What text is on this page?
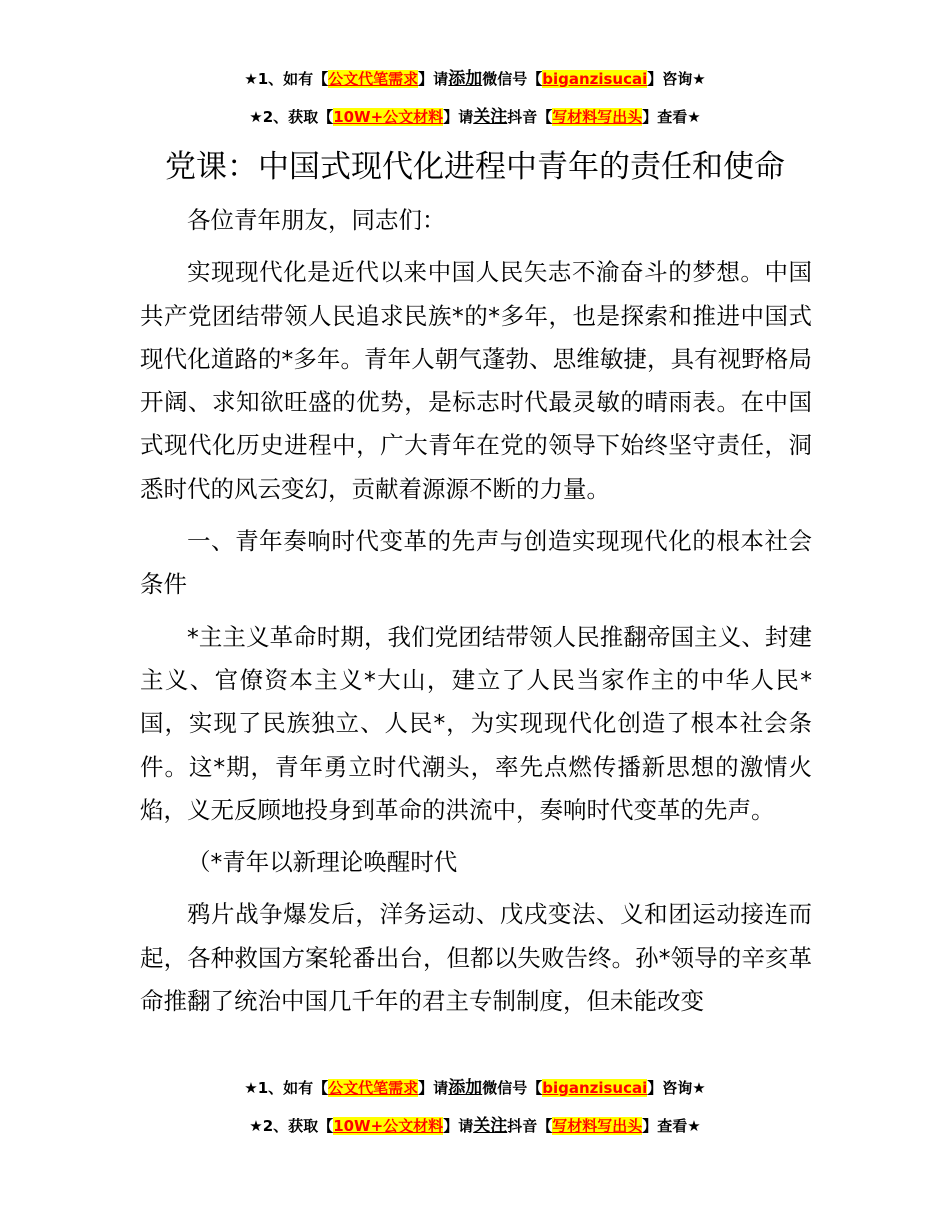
★1、如有【公文代笔需求】请添加微信号【biganzisucai】咨询★
★2、获取【10W+公文材料】请关注抖音【写材料写出头】查看★
党课：中国式现代化进程中青年的责任和使命

各位青年朋友，同志们：

实现现代化是近代以来中国人民矢志不渝奋斗的梦想。中国共产党团结带领人民追求民族*的*多年，也是探索和推进中国式现代化道路的*多年。青年人朝气蓬勃、思维敏捷，具有视野格局开阔、求知欲旺盛的优势，是标志时代最灵敏的晴雨表。在中国式现代化历史进程中，广大青年在党的领导下始终坚守责任，洞悉时代的风云变幻，贡献着源源不断的力量。

一、青年奏响时代变革的先声与创造实现现代化的根本社会条件

*主主义革命时期，我们党团结带领人民推翻帝国主义、封建主义、官僚资本主义*大山，建立了人民当家作主的中华人民*国，实现了民族独立、人民*，为实现现代化创造了根本社会条件。这*期，青年勇立时代潮头，率先点燃传播新思想的激情火焰，义无反顾地投身到革命的洪流中，奏响时代变革的先声。

（*青年以新理论唤醒时代

鸦片战争爆发后，洋务运动、戊戌变法、义和团运动接连而起，各种救国方案轮番出台，但都以失败告终。孙*领导的辛亥革命推翻了统治中国几千年的君主专制制度，但未能改变

★1、如有【公文代笔需求】请添加微信号【biganzisucai】咨询★
★2、获取【10W+公文材料】请关注抖音【写材料写出头】查看★
